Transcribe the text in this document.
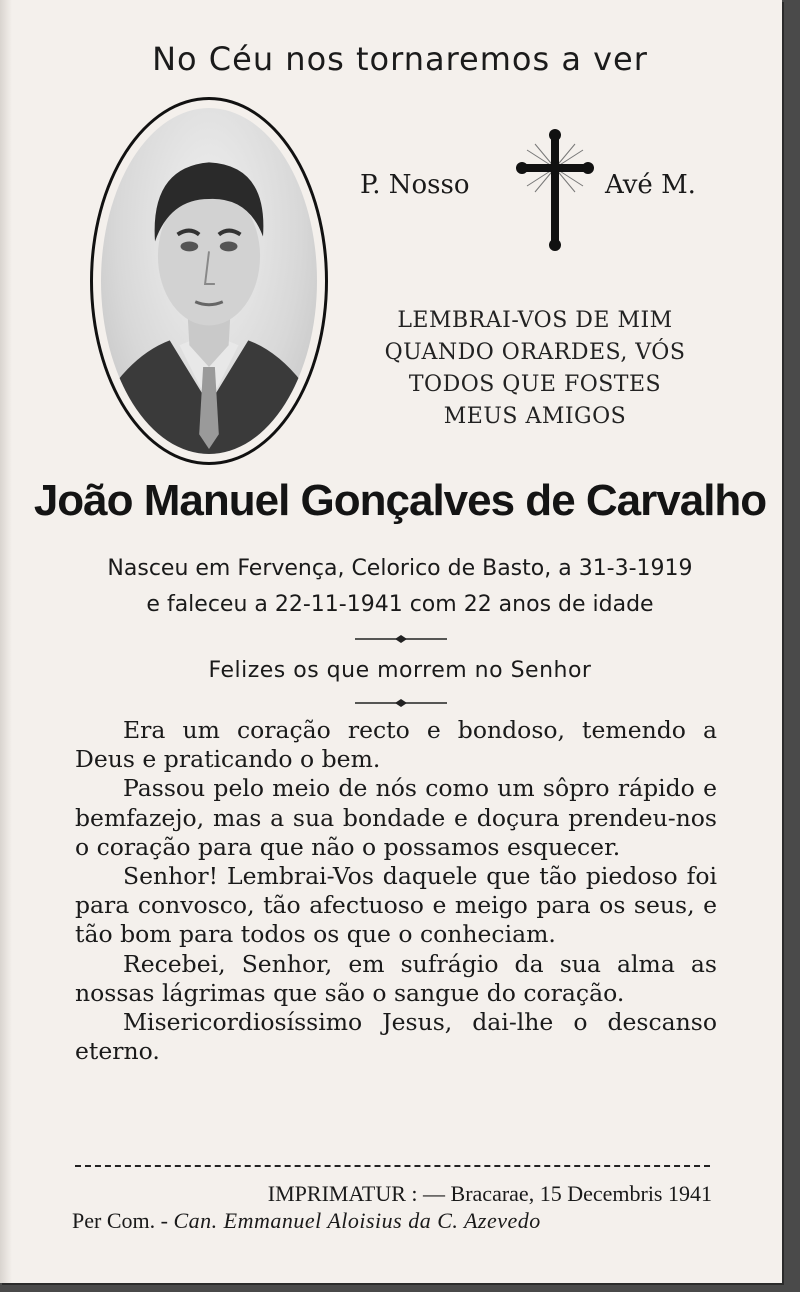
No Céu nos tornaremos a ver
P. Nosso	Avé M.
LEMBRAI-VOS DE MIM
QUANDO ORARDES, VÓS
TODOS QUE FOSTES
MEUS AMIGOS
João Manuel Gonçalves de Carvalho
Nasceu em Fervença, Celorico de Basto, a 31-3-1919
e faleceu a 22-11-1941 com 22 anos de idade
Felizes os que morrem no Senhor

Era um coração recto e bondoso, temendo a Deus e praticando o bem.

Passou pelo meio de nós como um sôpro rápido e bemfazejo, mas a sua bondade e doçura prendeu-nos o coração para que não o possamos esquecer.

Senhor! Lembrai-Vos daquele que tão piedoso foi para convosco, tão afectuoso e meigo para os seus, e tão bom para todos os que o conheciam.

Recebei, Senhor, em sufrágio da sua alma as nossas lágrimas que são o sangue do coração.

Misericordiosíssimo Jesus, dai-lhe o descanso eterno.

IMPRIMATUR : — Bracarae, 15 Decembris 1941
Per Com. - Can. Emmanuel Aloisius da C. Azevedo
